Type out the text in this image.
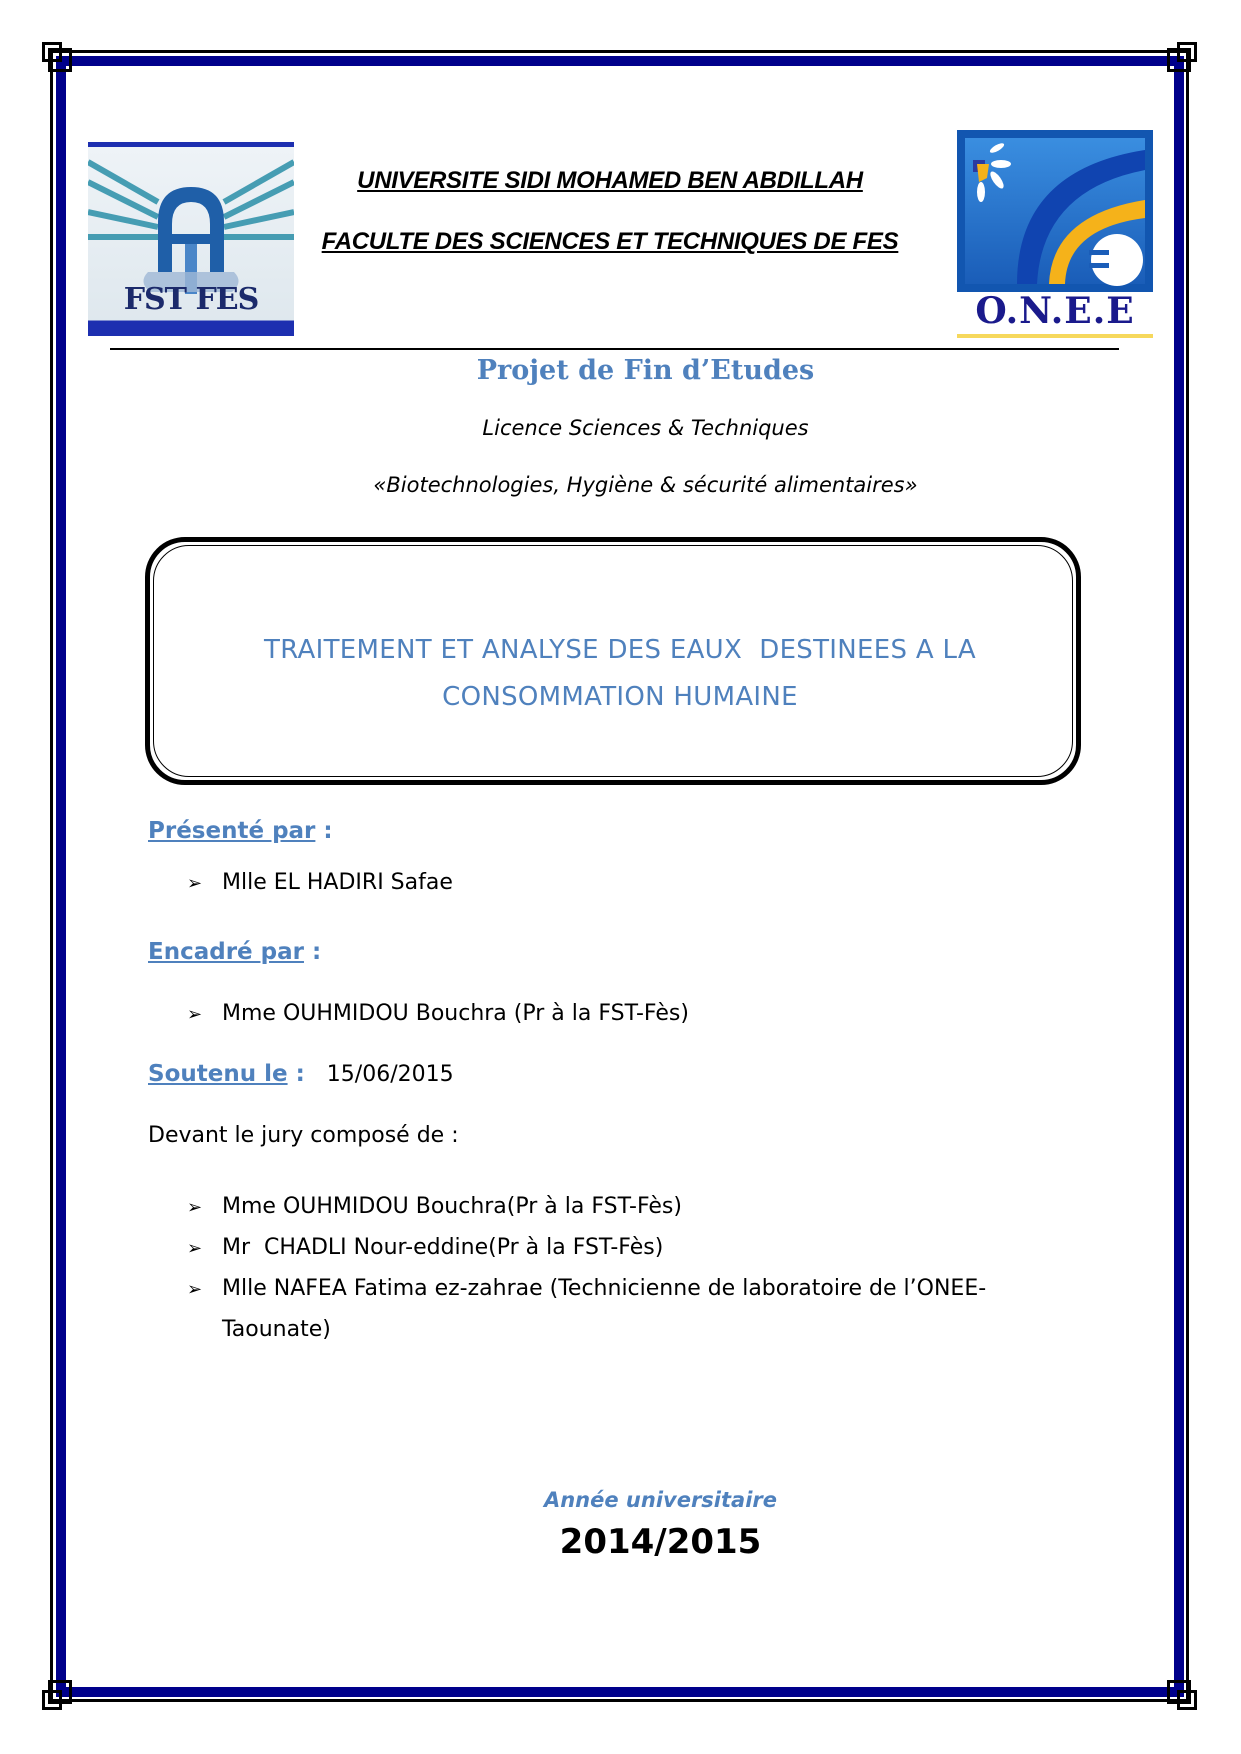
FST FES	O.N.E.E
UNIVERSITE SIDI MOHAMED BEN ABDILLAH
FACULTE DES SCIENCES ET TECHNIQUES DE FES
Projet de Fin d’Etudes
Licence Sciences & Techniques
«Biotechnologies, Hygiène & sécurité alimentaires»
TRAITEMENT ET ANALYSE DES EAUX  DESTINEES A LA
CONSOMMATION HUMAINE
Présenté par :
➢ Mlle EL HADIRI Safae
Encadré par :
➢ Mme OUHMIDOU Bouchra (Pr à la FST-Fès)
Soutenu le : 15/06/2015
Devant le jury composé de :
➢ Mme OUHMIDOU Bouchra(Pr à la FST-Fès)
➢ Mr  CHADLI Nour-eddine(Pr à la FST-Fès)
➢ Mlle NAFEA Fatima ez-zahrae (Technicienne de laboratoire de l’ONEE-
Taounate)
Année universitaire
2014/2015
